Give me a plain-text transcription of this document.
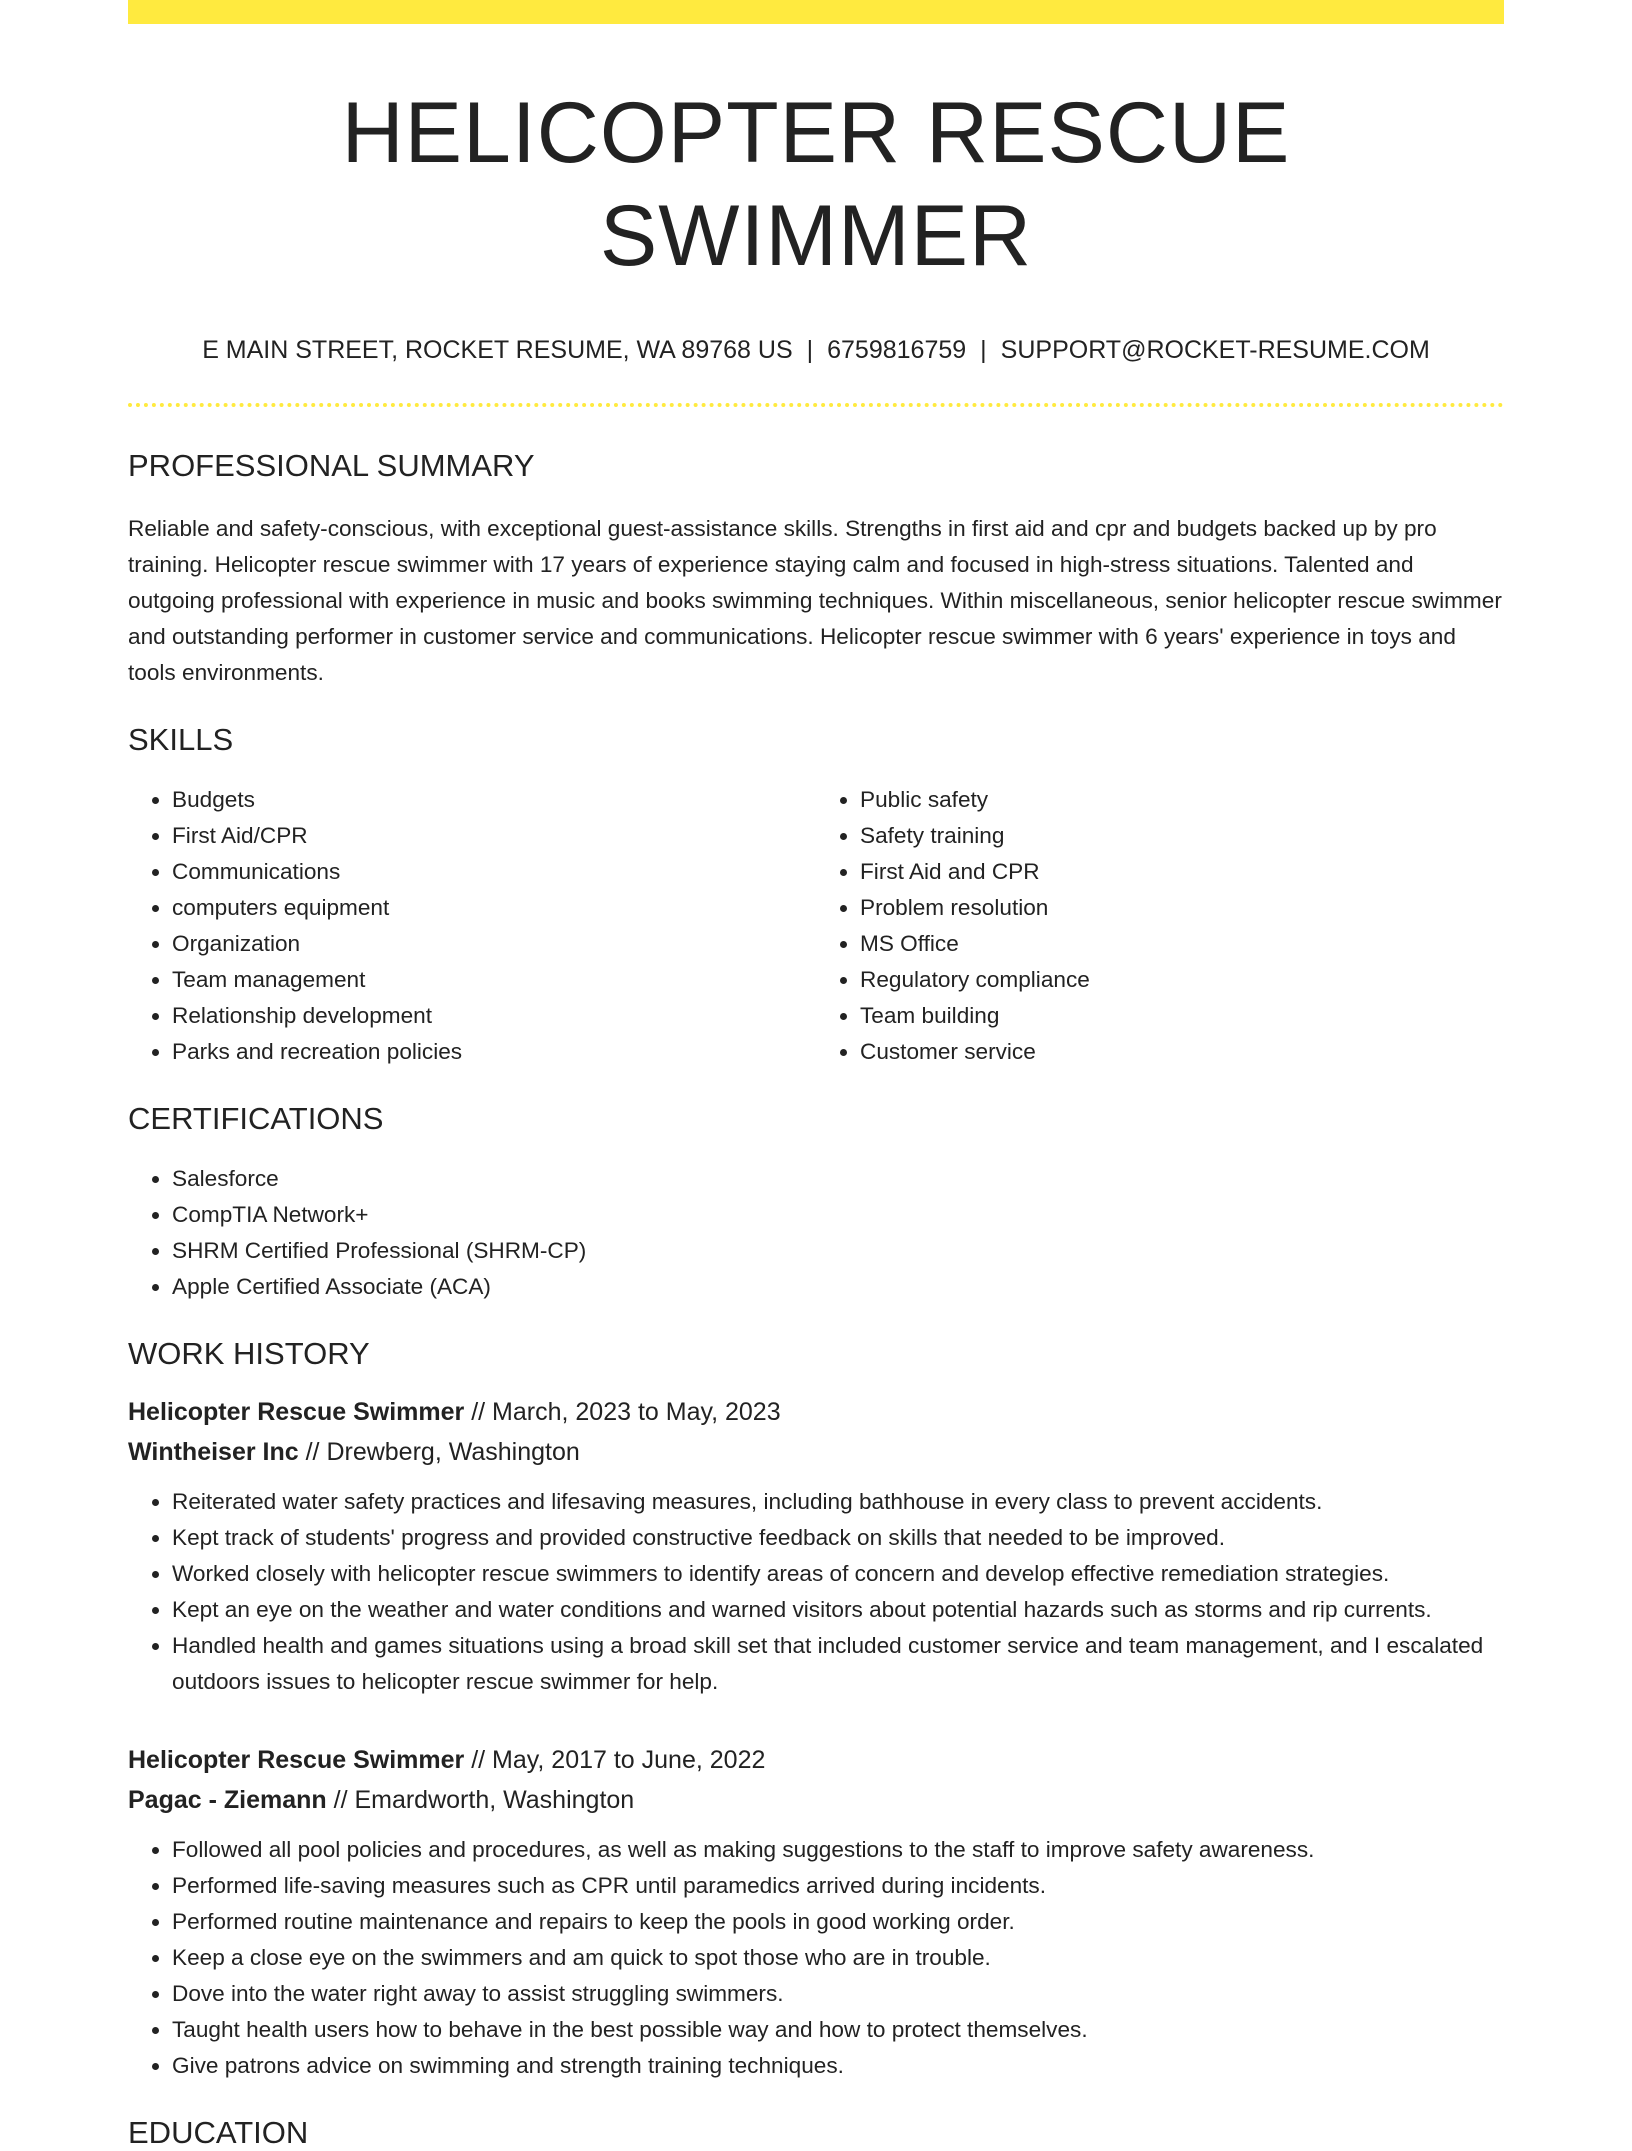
HELICOPTER RESCUE SWIMMER
E MAIN STREET, ROCKET RESUME, WA 89768 US | 6759816759 | SUPPORT@ROCKET-RESUME.COM
PROFESSIONAL SUMMARY

Reliable and safety-conscious, with exceptional guest-assistance skills. Strengths in first aid and cpr and budgets backed up by pro training. Helicopter rescue swimmer with 17 years of experience staying calm and focused in high-stress situations. Talented and outgoing professional with experience in music and books swimming techniques. Within miscellaneous, senior helicopter rescue swimmer and outstanding performer in customer service and communications. Helicopter rescue swimmer with 6 years' experience in toys and tools environments.

SKILLS
• Budgets
• First Aid/CPR
• Communications
• computers equipment
• Organization
• Team management
• Relationship development
• Parks and recreation policies
• Public safety
• Safety training
• First Aid and CPR
• Problem resolution
• MS Office
• Regulatory compliance
• Team building
• Customer service
CERTIFICATIONS
• Salesforce
• CompTIA Network+
• SHRM Certified Professional (SHRM-CP)
• Apple Certified Associate (ACA)
WORK HISTORY
Helicopter Rescue Swimmer // March, 2023 to May, 2023
Wintheiser Inc // Drewberg, Washington
• Reiterated water safety practices and lifesaving measures, including bathhouse in every class to prevent accidents.
• Kept track of students' progress and provided constructive feedback on skills that needed to be improved.
• Worked closely with helicopter rescue swimmers to identify areas of concern and develop effective remediation strategies.
• Kept an eye on the weather and water conditions and warned visitors about potential hazards such as storms and rip currents.
• Handled health and games situations using a broad skill set that included customer service and team management, and I escalated outdoors issues to helicopter rescue swimmer for help.
Helicopter Rescue Swimmer // May, 2017 to June, 2022
Pagac - Ziemann // Emardworth, Washington
• Followed all pool policies and procedures, as well as making suggestions to the staff to improve safety awareness.
• Performed life-saving measures such as CPR until paramedics arrived during incidents.
• Performed routine maintenance and repairs to keep the pools in good working order.
• Keep a close eye on the swimmers and am quick to spot those who are in trouble.
• Dove into the water right away to assist struggling swimmers.
• Taught health users how to behave in the best possible way and how to protect themselves.
• Give patrons advice on swimming and strength training techniques.
EDUCATION
